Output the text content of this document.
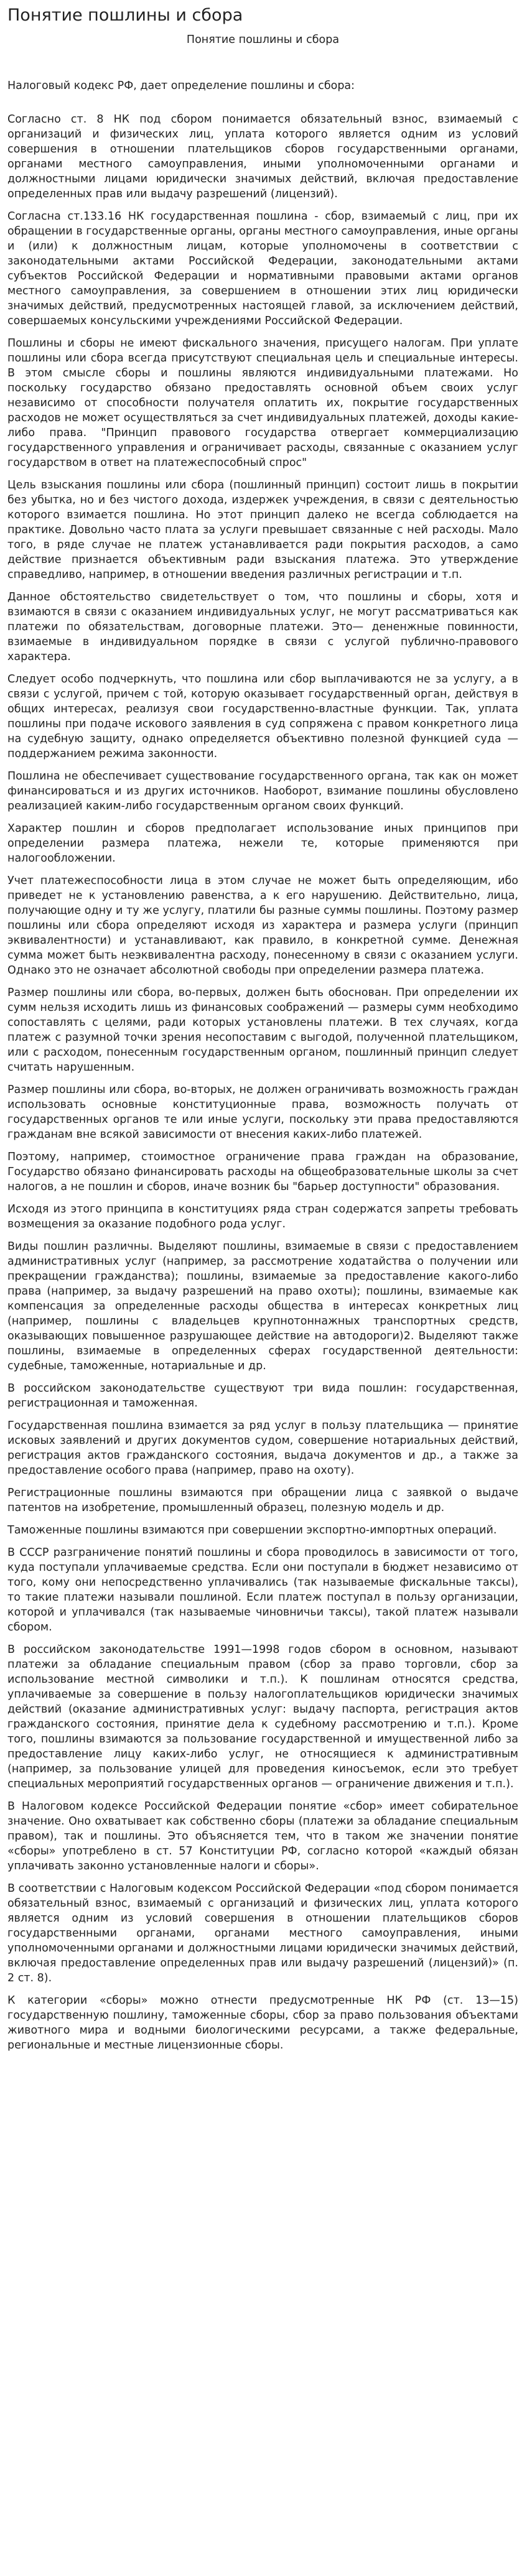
Понятие пошлины и сбора
Понятие пошлины и сбора
Налоговый кодекс РФ, дает определение пошлины и сбора:

Согласно ст. 8 НК под сбором понимается обязательный взнос, взимаемый с организаций и физических лиц, уплата которого является одним из условий совершения в отношении плательщиков сборов государственными органами, органами местного самоуправления, иными уполномоченными органами и должностными лицами юридически значимых действий, включая предоставление определенных прав или выдачу разрешений (лицензий).

Согласна ст.133.16 НК государственная пошлина - сбор, взимаемый с лиц, при их обращении в государственные органы, органы местного самоуправления, иные органы и (или) к должностным лицам, которые уполномочены в соответствии с законодательными актами Российской Федерации, законодательными актами субъектов Российской Федерации и нормативными правовыми актами органов местного самоуправления, за совершением в отношении этих лиц юридически значимых действий, предусмотренных настоящей главой, за исключением действий, совершаемых консульскими учреждениями Российской Федерации.

Пошлины и сборы не имеют фискального значения, присущего налогам. При уплате пошлины или сбора всегда присутствуют специальная цель и специальные интересы. В этом смысле сборы и пошлины являются индивидуальными платежами. Но поскольку государство обязано предоставлять основной объем своих услуг независимо от способности получателя оплатить их, покрытие государственных расходов не может осуществляться за счет индивидуальных платежей, доходы какие-либо права. "Принцип правового государства отвергает коммерциализацию государственного управления и ограничивает расходы, связанные с оказанием услуг государством в ответ на платежеспособный спрос"

Цель взыскания пошлины или сбора (пошлинный принцип) состоит лишь в покрытии без убытка, но и без чистого дохода, издержек учреждения, в связи с деятельностью которого взимается пошлина. Но этот принцип далеко не всегда соблюдается на практике. Довольно часто плата за услуги превышает связанные с ней расходы. Мало того, в ряде случае не платеж устанавливается ради покрытия расходов, а само действие признается объективным ради взыскания платежа. Это утверждение справедливо, например, в отношении введения различных регистрации и т.п.

Данное обстоятельство свидетельствует о том, что пошлины и сборы, хотя и взимаются в связи с оказанием индивидуальных услуг, не могут рассматриваться как платежи по обязательствам, договорные платежи. Это— дененжные повинности, взимаемые в индивидуальном порядке в связи с услугой публично-правового характера.

Следует особо подчеркнуть, что пошлина или сбор выплачиваются не за услугу, а в связи с услугой, причем с той, которую оказывает государственный орган, действуя в общих интересах, реализуя свои государственно-властные функции. Так, уплата пошлины при подаче искового заявления в суд сопряжена с правом конкретного лица на судебную защиту, однако определяется объективно полезной функцией суда — поддержанием режима законности.

Пошлина не обеспечивает существование государственного органа, так как он может финансироваться и из других источников. Наоборот, взимание пошлины обусловлено реализацией каким-либо государственным органом своих функций.

Характер пошлин и сборов предполагает использование иных принципов при определении размера платежа, нежели те, которые применяются при налогообложении.

Учет платежеспособности лица в этом случае не может быть определяющим, ибо приведет не к установлению равенства, а к его нарушению. Действительно, лица, получающие одну и ту же услугу, платили бы разные суммы пошлины. Поэтому размер пошлины или сбора определяют исходя из характера и размера услуги (принцип эквивалентности) и устанавливают, как правило, в конкретной сумме. Денежная сумма может быть неэквивалентна расходу, понесенному в связи с оказанием услуги. Однако это не означает абсолютной свободы при определении размера платежа.

Размер пошлины или сбора, во-первых, должен быть обоснован. При определении их сумм нельзя исходить лишь из финансовых соображений — размеры сумм необходимо сопоставлять с целями, ради которых установлены платежи. В тех случаях, когда платеж с разумной точки зрения несопоставим с выгодой, полученной плательщиком, или с расходом, понесенным государственным органом, пошлинный принцип следует считать нарушенным.

Размер пошлины или сбора, во-вторых, не должен ограничивать возможность граждан использовать основные конституционные права, возможность получать от государственных органов те или иные услуги, поскольку эти права предоставляются гражданам вне всякой зависимости от внесения каких-либо платежей.

Поэтому, например, стоимостное ограничение права граждан на образование, Государство обязано финансировать расходы на общеобразовательные школы за счет налогов, а не пошлин и сборов, иначе возник бы "барьер доступности" образования.

Исходя из этого принципа в конституциях ряда стран содержатся запреты требовать возмещения за оказание подобного рода услуг.

Виды пошлин различны. Выделяют пошлины, взимаемые в связи с предоставлением административных услуг (например, за рассмотрение ходатайства о получении или прекращении гражданства); пошлины, взимаемые за предоставление какого-либо права (например, за выдачу разрешений на право охоты); пошлины, взимаемые как компенсация за определенные расходы общества в интересах конкретных лиц (например, пошлины с владельцев крупнотоннажных транспортных средств, оказывающих повышенное разрушающее действие на автодороги)2. Выделяют также пошлины, взимаемые в определенных сферах государственной деятельности: судебные, таможенные, нотариальные и др.

В российском законодательстве существуют три вида пошлин: государственная, регистрационная и таможенная.

Государственная пошлина взимается за ряд услуг в пользу плательщика — принятие исковых заявлений и других документов судом, совершение нотариальных действий, регистрация актов гражданского состояния, выдача документов и др., а также за предоставление особого права (например, право на охоту).

Регистрационные пошлины взимаются при обращении лица с заявкой о выдаче патентов на изобретение, промышленный образец, полезную модель и др.

Таможенные пошлины взимаются при совершении экспортно-импортных операций.

В СССР разграничение понятий пошлины и сбора проводилось в зависимости от того, куда поступали уплачиваемые средства. Если они поступали в бюджет независимо от того, кому они непосредственно уплачивались (так называемые фискальные таксы), то такие платежи называли пошлиной. Если платеж поступал в пользу организации, которой и уплачивался (так называемые чиновничьи таксы), такой платеж называли сбором.

В российском законодательстве 1991—1998 годов сбором в основном, называют платежи за обладание специальным правом (сбор за право торговли, сбор за использование местной символики и т.п.). К пошлинам относятся средства, уплачиваемые за совершение в пользу налогоплательщиков юридически значимых действий (оказание административных услуг: выдачу паспорта, регистрация актов гражданского состояния, принятие дела к судебному рассмотрению и т.п.). Кроме того, пошлины взимаются за пользование государственной и имущественной либо за предоставление лицу каких-либо услуг, не относящиеся к административным (например, за пользование улицей для проведения киносъемок, если это требует специальных мероприятий государственных органов — ограничение движения и т.п.).

В Налоговом кодексе Российской Федерации понятие «сбор» имеет собирательное значение. Оно охватывает как собственно сборы (платежи за обладание специальным правом), так и пошлины. Это объясняется тем, что в таком же значении понятие «сборы» употреблено в ст. 57 Конституции РФ, согласно которой «каждый обязан уплачивать законно установленные налоги и сборы».

В соответствии с Налоговым кодексом Российской Федерации «под сбором понимается обязательный взнос, взимаемый с организаций и физических лиц, уплата которого является одним из условий совершения в отношении плательщиков сборов государственными органами, органами местного самоуправления, иными уполномоченными органами и должностными лицами юридически значимых действий, включая предоставление определенных прав или выдачу разрешений (лицензий)» (п. 2 ст. 8).

К категории «сборы» можно отнести предусмотренные НК РФ (ст. 13—15) государственную пошлину, таможенные сборы, сбор за право пользования объектами животного мира и водными биологическими ресурсами, а также федеральные, региональные и местные лицензионные сборы.
